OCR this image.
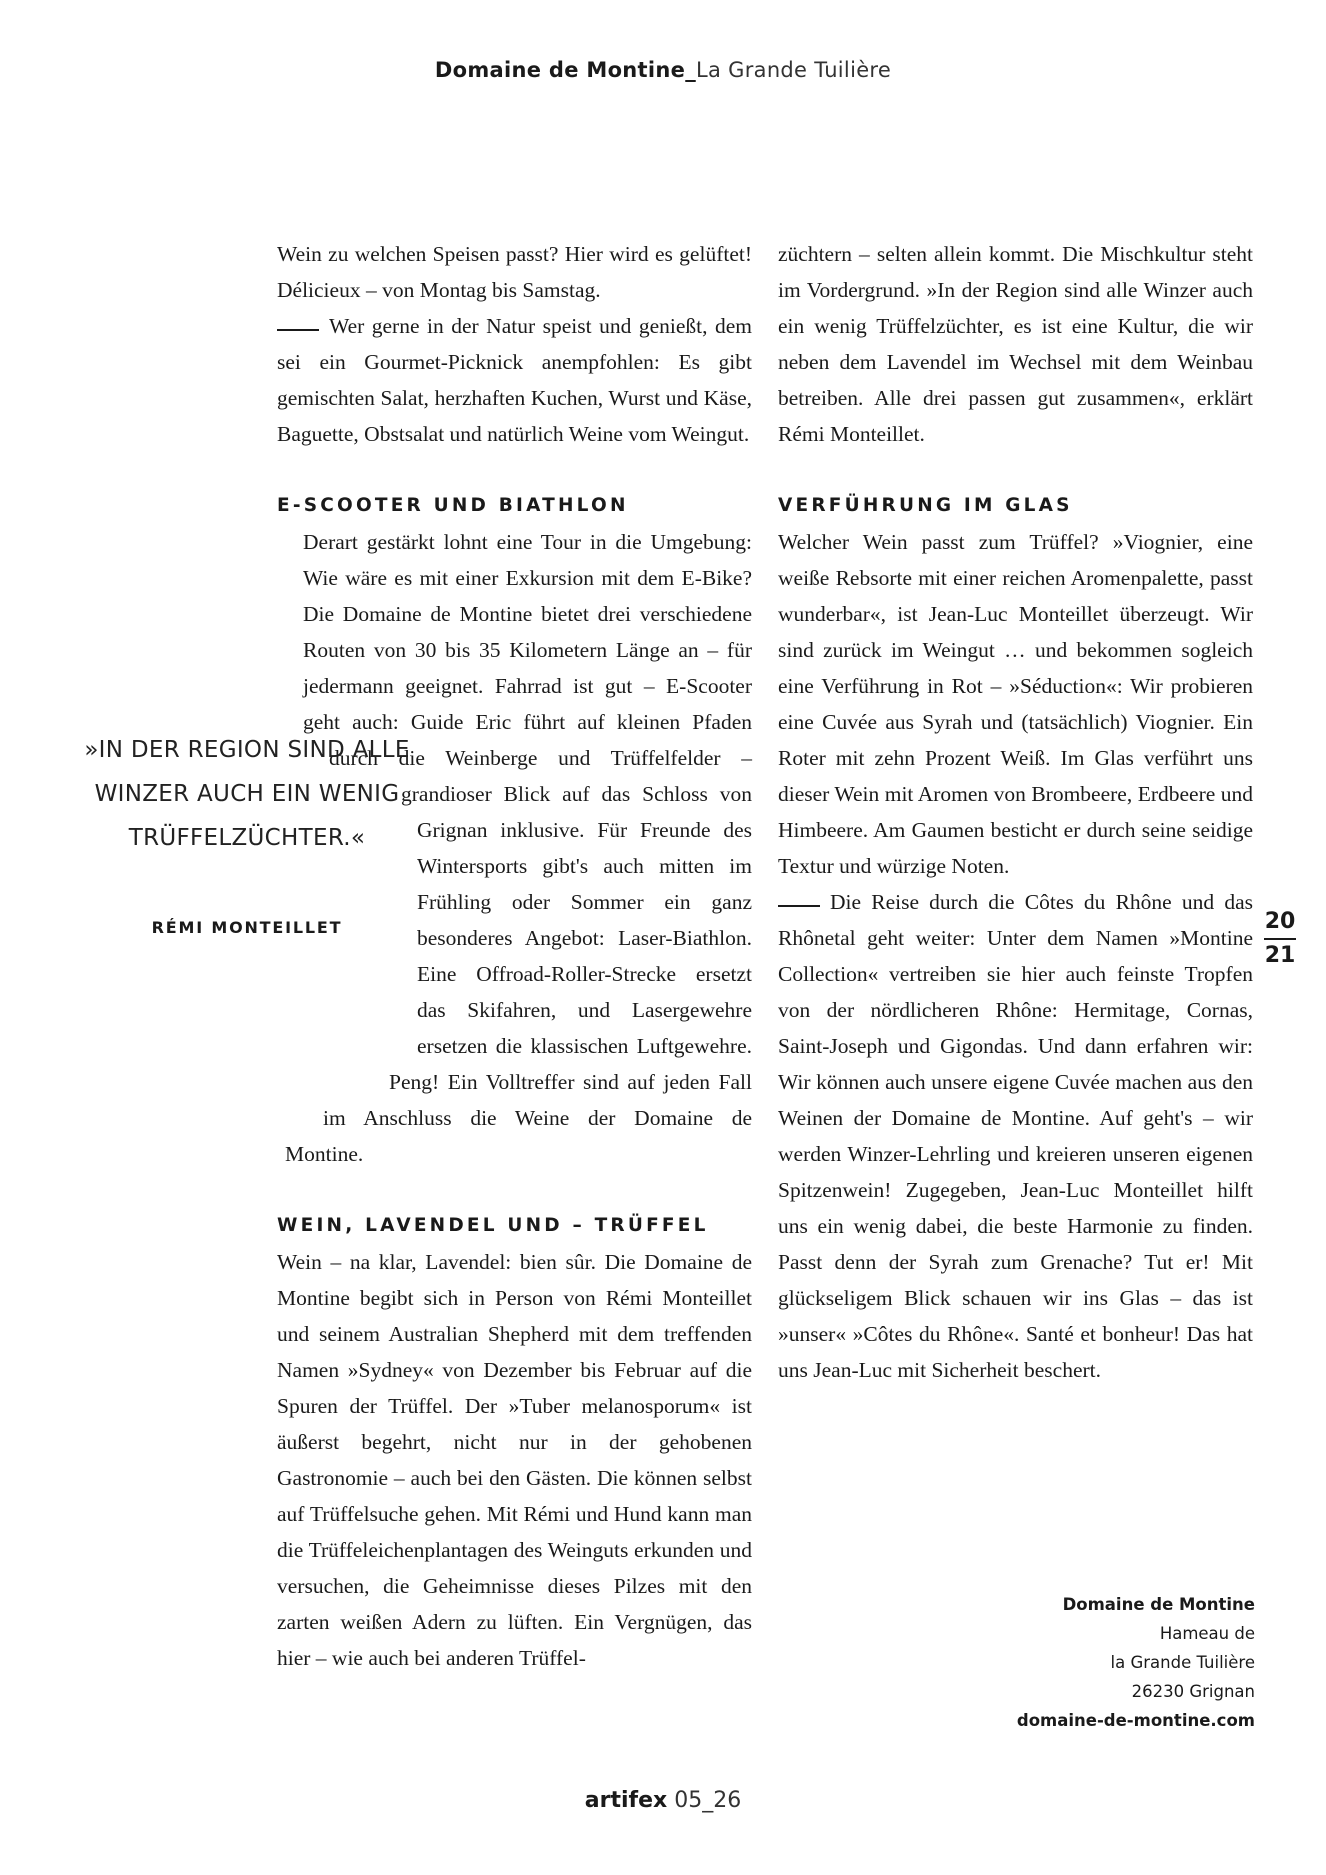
Domaine de Montine_La Grande Tuilière

Wein zu welchen Speisen passt? Hier wird es gelüftet! Délicieux – von Montag bis Samstag.

Wer gerne in der Natur speist und genießt, dem sei ein Gourmet-Picknick anempfohlen: Es gibt gemischten Salat, herzhaften Kuchen, Wurst und Käse, Baguette, Obstsalat und natürlich Weine vom Weingut.

E-SCOOTER UND BIATHLON

Derart gestärkt lohnt eine Tour in die Umgebung: Wie wäre es mit einer Exkursion mit dem E-Bike? Die Domaine de Montine bietet drei verschiedene Routen von 30 bis 35 Kilometern Länge an – für jedermann geeignet. Fahrrad ist gut – E-Scooter geht auch: Guide Eric führt auf kleinen Pfaden durch die Weinberge und Trüffelfelder – grandioser Blick auf das Schloss von Grignan inklusive. Für Freunde des Wintersports gibt's auch mitten im Frühling oder Sommer ein ganz besonderes Angebot: Laser-Biathlon. Eine Offroad-Roller-Strecke ersetzt das Skifahren, und Lasergewehre ersetzen die klassischen Luftgewehre. Peng! Ein Volltreffer sind auf jeden Fall im Anschluss die Weine der Domaine de Montine.

WEIN, LAVENDEL UND – TRÜFFEL

Wein – na klar, Lavendel: bien sûr. Die Domaine de Montine begibt sich in Person von Rémi Monteillet und seinem Australian Shepherd mit dem treffenden Namen »Sydney« von Dezember bis Februar auf die Spuren der Trüffel. Der »Tuber melanosporum« ist äußerst begehrt, nicht nur in der gehobenen Gastronomie – auch bei den Gästen. Die können selbst auf Trüffelsuche gehen. Mit Rémi und Hund kann man die Trüffeleichenplantagen des Weinguts erkunden und versuchen, die Geheimnisse dieses Pilzes mit den zarten weißen Adern zu lüften. Ein Vergnügen, das hier – wie auch bei anderen Trüffel-

»IN DER REGION SIND ALLE WINZER AUCH EIN WENIG TRÜFFELZÜCHTER.«
RÉMI MONTEILLET

züchtern – selten allein kommt. Die Mischkultur steht im Vordergrund. »In der Region sind alle Winzer auch ein wenig Trüffelzüchter, es ist eine Kultur, die wir neben dem Lavendel im Wechsel mit dem Weinbau betreiben. Alle drei passen gut zusammen«, erklärt Rémi Monteillet.

VERFÜHRUNG IM GLAS

Welcher Wein passt zum Trüffel? »Viognier, eine weiße Rebsorte mit einer reichen Aromenpalette, passt wunderbar«, ist Jean-Luc Monteillet überzeugt. Wir sind zurück im Weingut … und bekommen sogleich eine Verführung in Rot – »Séduction«: Wir probieren eine Cuvée aus Syrah und (tatsächlich) Viognier. Ein Roter mit zehn Prozent Weiß. Im Glas verführt uns dieser Wein mit Aromen von Brombeere, Erdbeere und Himbeere. Am Gaumen besticht er durch seine seidige Textur und würzige Noten.

Die Reise durch die Côtes du Rhône und das Rhônetal geht weiter: Unter dem Namen »Montine Collection« vertreiben sie hier auch feinste Tropfen von der nördlicheren Rhône: Hermitage, Cornas, Saint-Joseph und Gigondas. Und dann erfahren wir: Wir können auch unsere eigene Cuvée machen aus den Weinen der Domaine de Montine. Auf geht's – wir werden Winzer-Lehrling und kreieren unseren eigenen Spitzenwein! Zugegeben, Jean-Luc Monteillet hilft uns ein wenig dabei, die beste Harmonie zu finden. Passt denn der Syrah zum Grenache? Tut er! Mit glückseligem Blick schauen wir ins Glas – das ist »unser« »Côtes du Rhône«. Santé et bonheur! Das hat uns Jean-Luc mit Sicherheit beschert.

20
21
Domaine de Montine
Hameau de
la Grande Tuilière
26230 Grignan
domaine-de-montine.com
artifex 05_26
